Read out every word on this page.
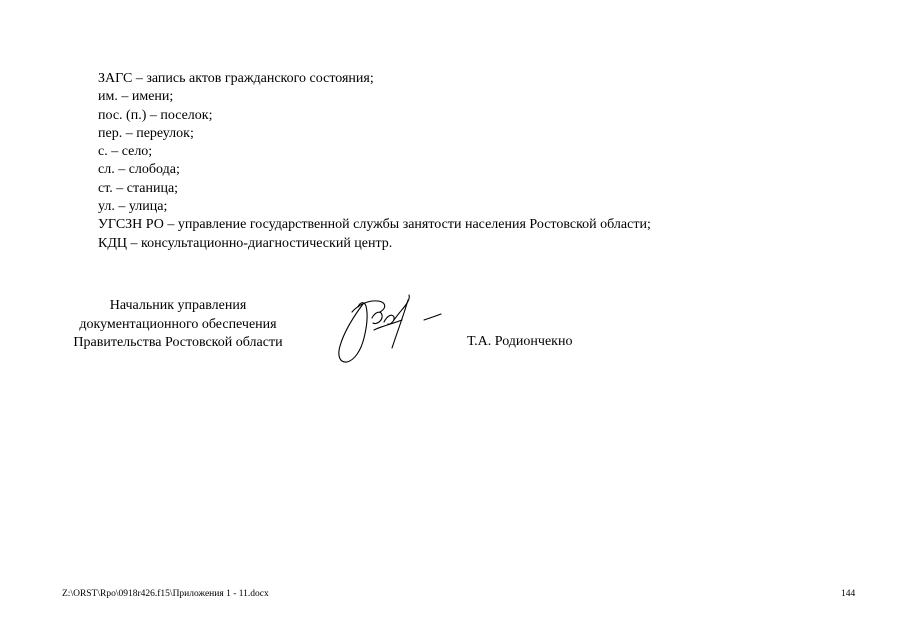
ЗАГС – запись актов гражданского состояния;
им. – имени;
пос. (п.) – поселок;
пер. – переулок;
с. – село;
сл. – слобода;
ст. – станица;
ул. – улица;
УГСЗН РО – управление государственной службы занятости населения Ростовской области;
КДЦ – консультационно-диагностический центр.
Начальник управления
документационного обеспечения
Правительства Ростовской области	Т.А. Родиончекно
Z:\ORST\Rpo\0918r426.f15\Приложения 1 - 11.docx	144
